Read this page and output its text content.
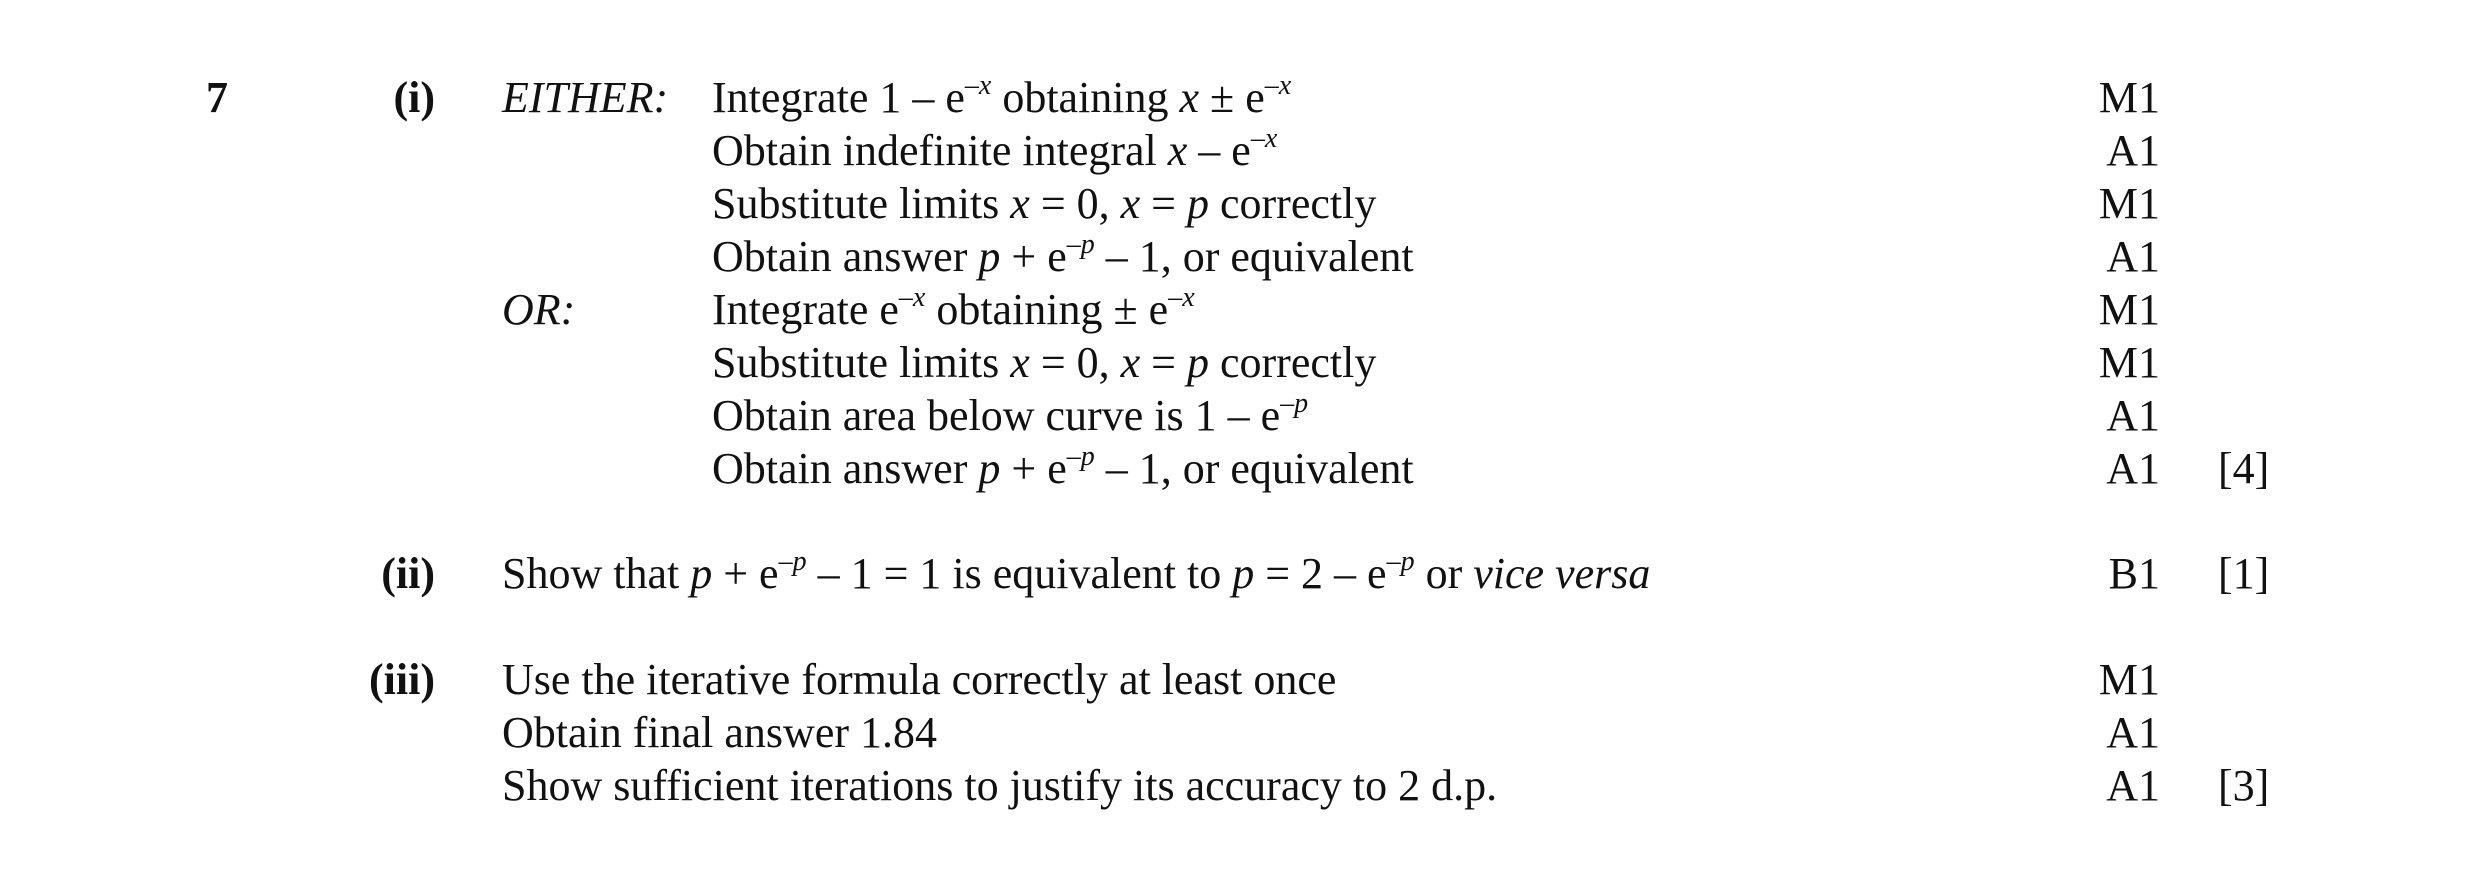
7	(i) EITHER: Integrate $1 - e^{-x}$ obtaining $x \pm e^{-x}$	M1
Obtain indefinite integral x – $e^{-x}$	A1
Substitute limits x = 0, x = p correctly	M1
Obtain answer $p + e^{-p} - 1$, or equivalent	A1
OR:	Integrate $e^{-x}$ obtaining ± $e^{-x}$	M1
Substitute limits x = 0, x = p correctly	M1
Obtain area below curve is $1 - e^{-p}$	A1
Obtain answer $p + e^{-p} - 1$, or equivalent	A1 [4]
(ii) Show that $p + e^{-p} - 1 = 1$ is equivalent to $p = 2 - e^{-p}$ or vice versa	B1 [1]
(iii) Use the iterative formula correctly at least once	M1
Obtain final answer 1.84	A1
Show sufficient iterations to justify its accuracy to 2 d.p.	A1 [3]
